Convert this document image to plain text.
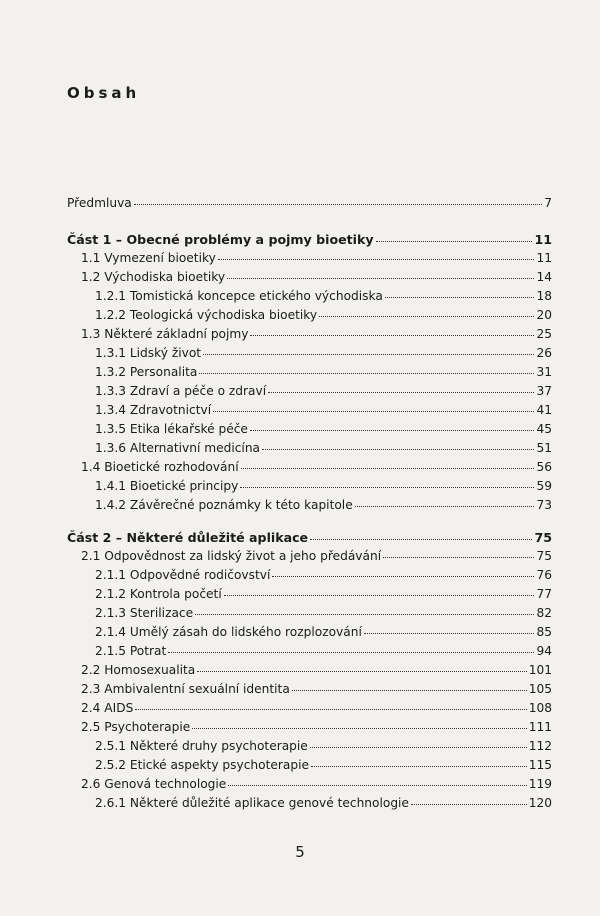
Obsah
Předmluva	7
Část 1 – Obecné problémy a pojmy bioetiky	11
1.1 Vymezení bioetiky	11
1.2 Východiska bioetiky	14
1.2.1 Tomistická koncepce etického východiska	18
1.2.2 Teologická východiska bioetiky	20
1.3 Některé základní pojmy	25
1.3.1 Lidský život	26
1.3.2 Personalita	31
1.3.3 Zdraví a péče o zdraví	37
1.3.4 Zdravotnictví	41
1.3.5 Etika lékařské péče	45
1.3.6 Alternativní medicína	51
1.4 Bioetické rozhodování	56
1.4.1 Bioetické principy	59
1.4.2 Závěrečné poznámky k této kapitole	73
Část 2 – Některé důležité aplikace	75
2.1 Odpovědnost za lidský život a jeho předávání	75
2.1.1 Odpovědné rodičovství	76
2.1.2 Kontrola početí	77
2.1.3 Sterilizace	82
2.1.4 Umělý zásah do lidského rozplozování	85
2.1.5 Potrat	94
2.2 Homosexualita	101
2.3 Ambivalentní sexuální identita	105
2.4 AIDS	108
2.5 Psychoterapie	111
2.5.1 Některé druhy psychoterapie	112
2.5.2 Etické aspekty psychoterapie	115
2.6 Genová technologie	119
2.6.1 Některé důležité aplikace genové technologie	120
5
